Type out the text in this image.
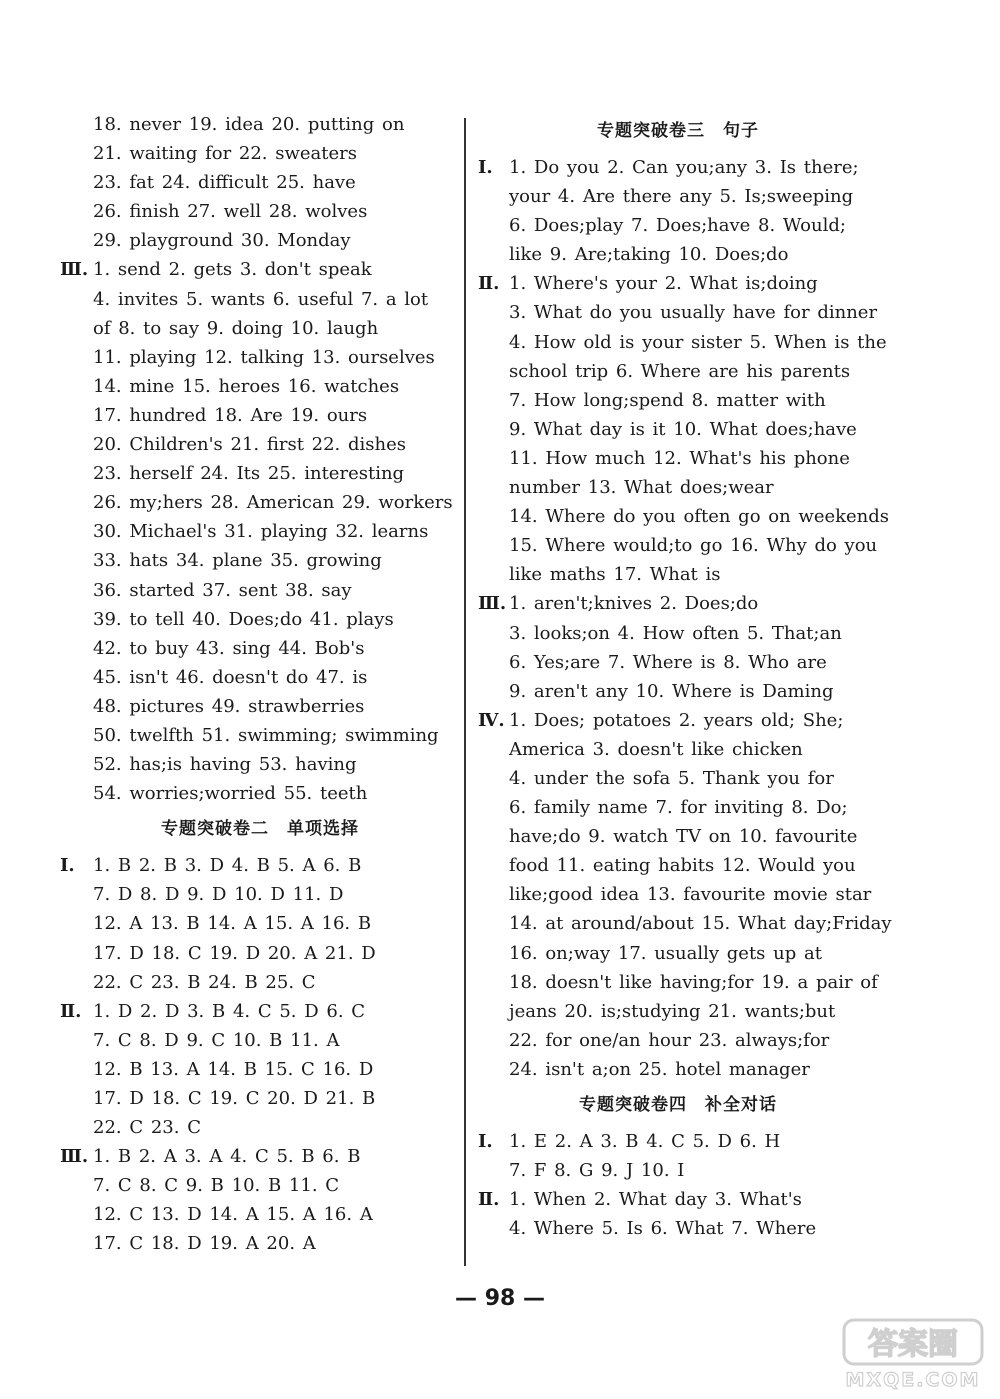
18. never 19. idea 20. putting on
21. waiting for 22. sweaters
23. fat 24. difficult 25. have
26. finish 27. well 28. wolves
29. playground 30. Monday
Ⅲ. 1. send 2. gets 3. don't speak
4. invites 5. wants 6. useful 7. a lot
of 8. to say 9. doing 10. laugh
11. playing 12. talking 13. ourselves
14. mine 15. heroes 16. watches
17. hundred 18. Are 19. ours
20. Children's 21. first 22. dishes
23. herself 24. Its 25. interesting
26. my;hers 28. American 29. workers
30. Michael's 31. playing 32. learns
33. hats 34. plane 35. growing
36. started 37. sent 38. say
39. to tell 40. Does;do 41. plays
42. to buy 43. sing 44. Bob's
45. isn't 46. doesn't do 47. is
48. pictures 49. strawberries
50. twelfth 51. swimming; swimming
52. has;is having 53. having
54. worries;worried 55. teeth
专题突破卷二　单项选择
Ⅰ. 1. B 2. B 3. D 4. B 5. A 6. B
7. D 8. D 9. D 10. D 11. D
12. A 13. B 14. A 15. A 16. B
17. D 18. C 19. D 20. A 21. D
22. C 23. B 24. B 25. C
Ⅱ. 1. D 2. D 3. B 4. C 5. D 6. C
7. C 8. D 9. C 10. B 11. A
12. B 13. A 14. B 15. C 16. D
17. D 18. C 19. C 20. D 21. B
22. C 23. C
Ⅲ. 1. B 2. A 3. A 4. C 5. B 6. B
7. C 8. C 9. B 10. B 11. C
12. C 13. D 14. A 15. A 16. A
17. C 18. D 19. A 20. A
专题突破卷三　句子
Ⅰ. 1. Do you 2. Can you;any 3. Is there;
your 4. Are there any 5. Is;sweeping
6. Does;play 7. Does;have 8. Would;
like 9. Are;taking 10. Does;do
Ⅱ. 1. Where's your 2. What is;doing
3. What do you usually have for dinner
4. How old is your sister 5. When is the
school trip 6. Where are his parents
7. How long;spend 8. matter with
9. What day is it 10. What does;have
11. How much 12. What's his phone
number 13. What does;wear
14. Where do you often go on weekends
15. Where would;to go 16. Why do you
like maths 17. What is
Ⅲ. 1. aren't;knives 2. Does;do
3. looks;on 4. How often 5. That;an
6. Yes;are 7. Where is 8. Who are
9. aren't any 10. Where is Daming
Ⅳ. 1. Does; potatoes 2. years old; She;
America 3. doesn't like chicken
4. under the sofa 5. Thank you for
6. family name 7. for inviting 8. Do;
have;do 9. watch TV on 10. favourite
food 11. eating habits 12. Would you
like;good idea 13. favourite movie star
14. at around/about 15. What day;Friday
16. on;way 17. usually gets up at
18. doesn't like having;for 19. a pair of
jeans 20. is;studying 21. wants;but
22. for one/an hour 23. always;for
24. isn't a;on 25. hotel manager
专题突破卷四　补全对话
Ⅰ. 1. E 2. A 3. B 4. C 5. D 6. H
7. F 8. G 9. J 10. I
Ⅱ. 1. When 2. What day 3. What's
4. Where 5. Is 6. What 7. Where
— 98 —
答案圈
MXQE.COM
